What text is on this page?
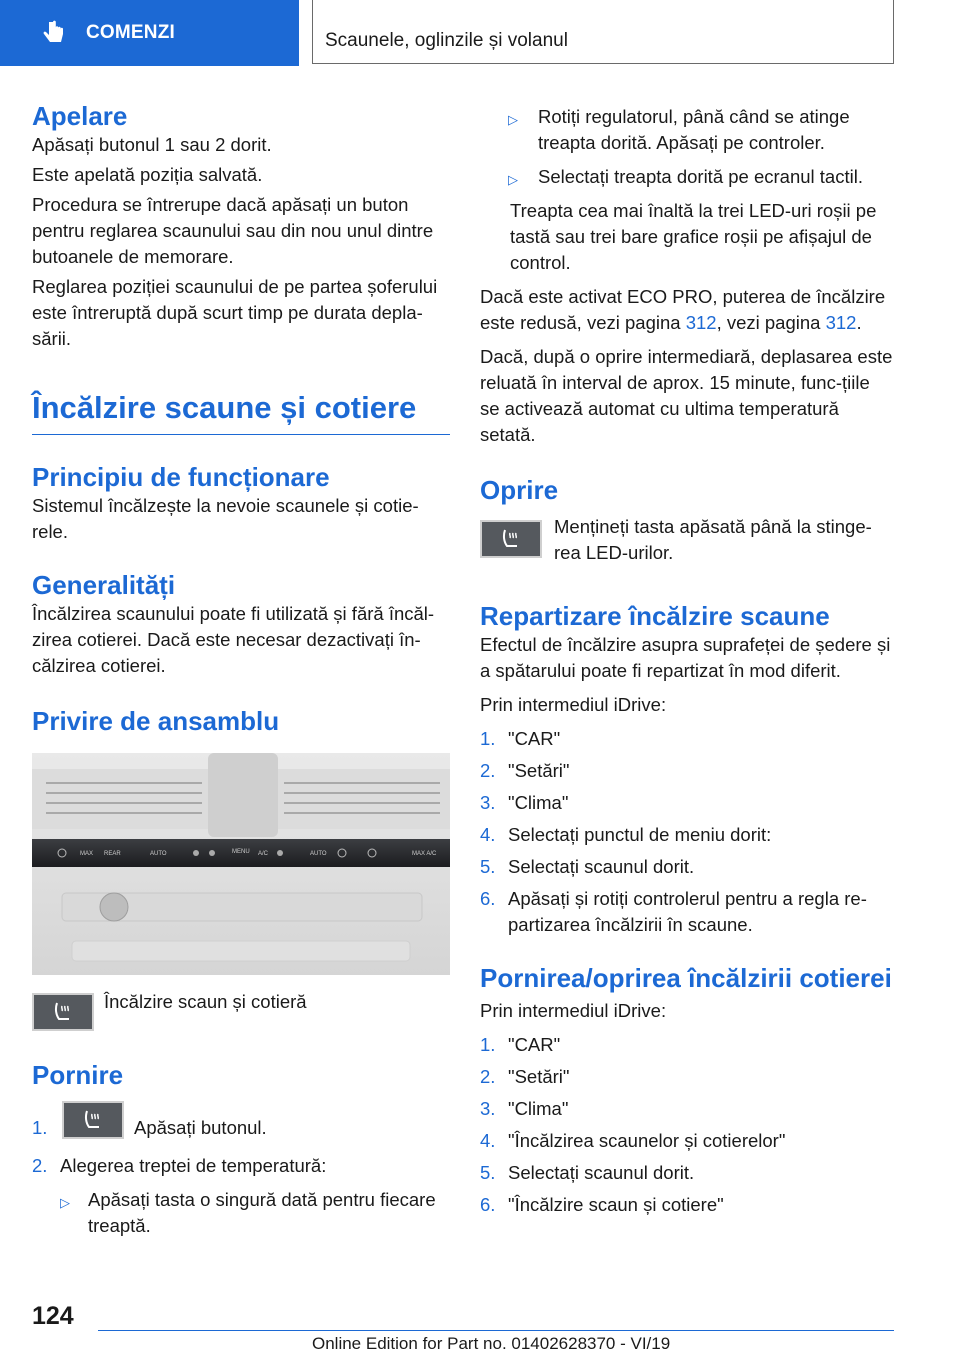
COMENZI	Scaunele, oglinzile și volanul
Apelare

Apăsați butonul 1 sau 2 dorit.

Este apelată poziția salvată.

Procedura se întrerupe dacă apăsați un buton pentru reglarea scaunului sau din nou unul dintre butoanele de memorare.

Reglarea poziției scaunului de pe partea șoferului este întreruptă după scurt timp pe durata depla-sării.

Încălzire scaune și cotiere
Principiu de funcționare

Sistemul încălzește la nevoie scaunele și cotie-rele.

Generalități

Încălzirea scaunului poate fi utilizată și fără încăl-zirea cotierei. Dacă este necesar dezactivați în-călzirea cotierei.

Privire de ansamblu
MAX REAR	AUTO	MENU A/C	AUTO	MAX A/C

Încălzire scaun și cotieră

Pornire
1.	Apăsați butonul.
2. Alegerea treptei de temperatură:
▷ Apăsați tasta o singură dată pentru fiecare treaptă.
▷ Rotiți regulatorul, până când se atinge treapta dorită. Apăsați pe controler.
▷ Selectați treapta dorită pe ecranul tactil.

Treapta cea mai înaltă la trei LED-uri roșii pe tastă sau trei bare grafice roșii pe afișajul de control.

Dacă este activat ECO PRO, puterea de încălzire este redusă, vezi pagina 312, vezi pagina 312.

Dacă, după o oprire intermediară, deplasarea este reluată în interval de aprox. 15 minute, func-țiile se activează automat cu ultima temperatură setată.

Oprire

Mențineți tasta apăsată până la stinge-rea LED-urilor.

Repartizare încălzire scaune

Efectul de încălzire asupra suprafeței de ședere și a spătarului poate fi repartizat în mod diferit.

Prin intermediul iDrive:

1. "CAR"
2. "Setări"
3. "Clima"
4. Selectați punctul de meniu dorit:
5. Selectați scaunul dorit.
6. Apăsați și rotiți controlerul pentru a regla re-partizarea încălzirii în scaune.
Pornirea/oprirea încălzirii cotierei

Prin intermediul iDrive:

1. "CAR"
2. "Setări"
3. "Clima"
4. "Încălzirea scaunelor și cotierelor"
5. Selectați scaunul dorit.
6. "Încălzire scaun și cotiere"
124
Online Edition for Part no. 01402628370 - VI/19
